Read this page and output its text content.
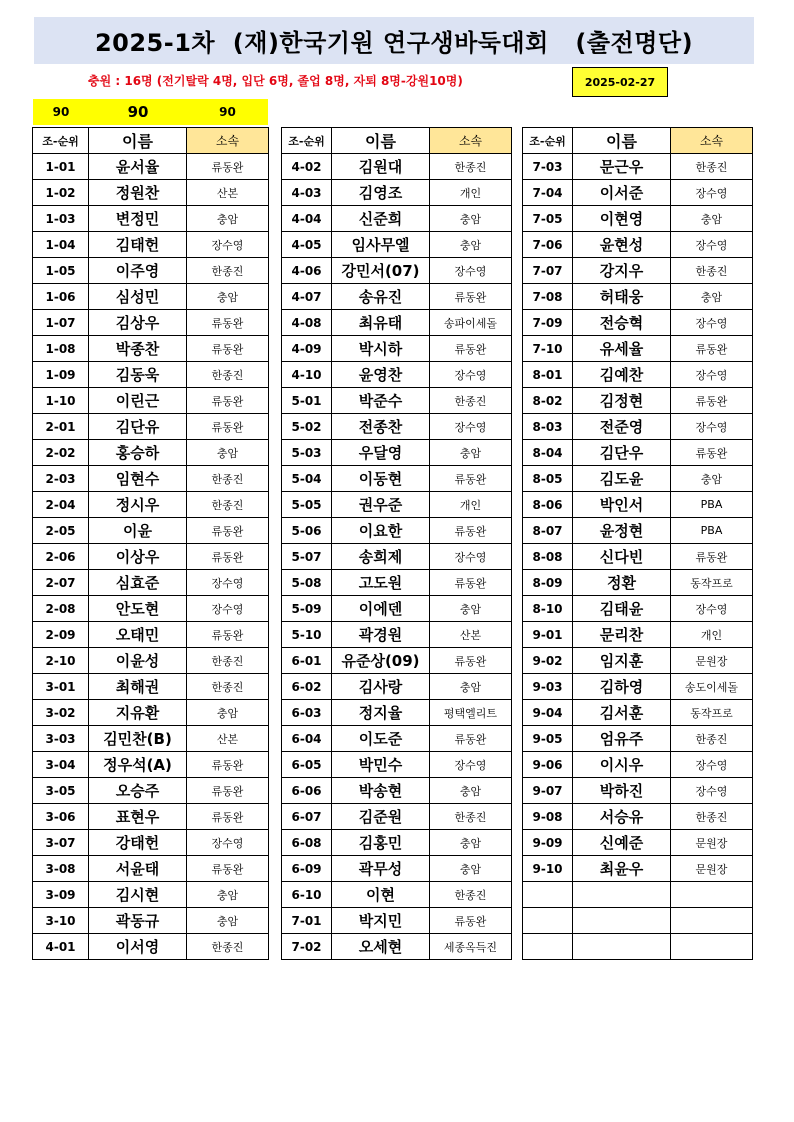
2025-1차  (재)한국기원 연구생바둑대회   (출전명단)
충원 : 16명 (전기탈락 4명, 입단 6명, 졸업 8명, 자퇴 8명-강원10명)	2025-02-27
90	90	90
조-순위	이름	소속
1-01	윤서율	류동완
1-02	정원찬	산본
1-03	변정민	충암
1-04	김태헌	장수영
1-05	이주영	한종진
1-06	심성민	충암
1-07	김상우	류동완
1-08	박종찬	류동완
1-09	김동욱	한종진
1-10	이린근	류동완
2-01	김단유	류동완
2-02	홍승하	충암
2-03	임현수	한종진
2-04	정시우	한종진
2-05	이윤	류동완
2-06	이상우	류동완
2-07	심효준	장수영
2-08	안도현	장수영
2-09	오태민	류동완
2-10	이윤성	한종진
3-01	최해권	한종진
3-02	지유환	충암
3-03	김민찬(B)	산본
3-04	정우석(A)	류동완
3-05	오승주	류동완
3-06	표현우	류동완
3-07	강태헌	장수영
3-08	서윤태	류동완
3-09	김시현	충암
3-10	곽동규	충암
4-01	이서영	한종진
조-순위	이름	소속
4-02	김원대	한종진
4-03	김영조	개인
4-04	신준희	충암
4-05	임사무엘	충암
4-06	강민서(07)	장수영
4-07	송유진	류동완
4-08	최유태	송파이세돌
4-09	박시하	류동완
4-10	윤영찬	장수영
5-01	박준수	한종진
5-02	전종찬	장수영
5-03	우달영	충암
5-04	이동현	류동완
5-05	권우준	개인
5-06	이요한	류동완
5-07	송희제	장수영
5-08	고도원	류동완
5-09	이에덴	충암
5-10	곽경원	산본
6-01	유준상(09)	류동완
6-02	김사랑	충암
6-03	정지율	평택엘리트
6-04	이도준	류동완
6-05	박민수	장수영
6-06	박송현	충암
6-07	김준원	한종진
6-08	김홍민	충암
6-09	곽무성	충암
6-10	이현	한종진
7-01	박지민	류동완
7-02	오세현	세종옥득진
조-순위	이름	소속
7-03	문근우	한종진
7-04	이서준	장수영
7-05	이현영	충암
7-06	윤현성	장수영
7-07	강지우	한종진
7-08	허태웅	충암
7-09	전승혁	장수영
7-10	유세율	류동완
8-01	김예찬	장수영
8-02	김정현	류동완
8-03	전준영	장수영
8-04	김단우	류동완
8-05	김도윤	충암
8-06	박인서	PBA
8-07	윤정현	PBA
8-08	신다빈	류동완
8-09	정환	동작프로
8-10	김태윤	장수영
9-01	문리찬	개인
9-02	임지훈	문원장
9-03	김하영	송도이세돌
9-04	김서훈	동작프로
9-05	엄유주	한종진
9-06	이시우	장수영
9-07	박하진	장수영
9-08	서승유	한종진
9-09	신예준	문원장
9-10	최윤우	문원장
